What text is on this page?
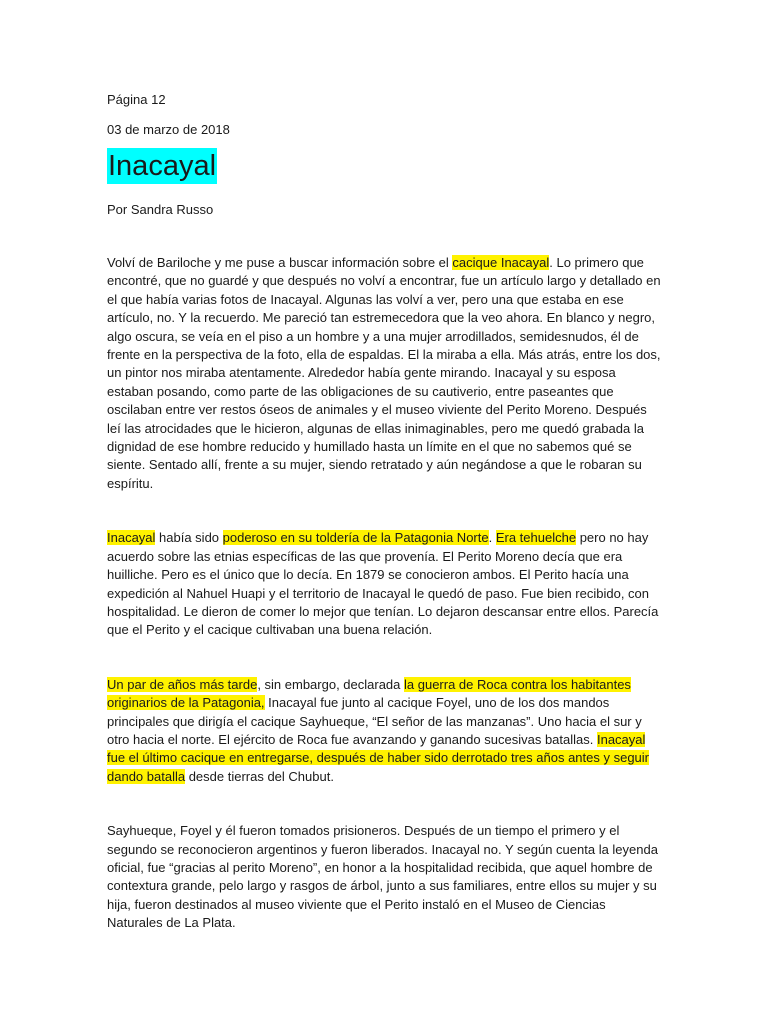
Página 12

03 de marzo de 2018

Inacayal

Por Sandra Russo

Volví de Bariloche y me puse a buscar información sobre el cacique Inacayal. Lo primero que encontré, que no guardé y que después no volví a encontrar, fue un artículo largo y detallado en el que había varias fotos de Inacayal. Algunas las volví a ver, pero una que estaba en ese artículo, no. Y la recuerdo. Me pareció tan estremecedora que la veo ahora. En blanco y negro, algo oscura, se veía en el piso a un hombre y a una mujer arrodillados, semidesnudos, él de frente en la perspectiva de la foto, ella de espaldas. El la miraba a ella. Más atrás, entre los dos, un pintor nos miraba atentamente. Alrededor había gente mirando. Inacayal y su esposa estaban posando, como parte de las obligaciones de su cautiverio, entre paseantes que oscilaban entre ver restos óseos de animales y el museo viviente del Perito Moreno. Después leí las atrocidades que le hicieron, algunas de ellas inimaginables, pero me quedó grabada la dignidad de ese hombre reducido y humillado hasta un límite en el que no sabemos qué se siente. Sentado allí, frente a su mujer, siendo retratado y aún negándose a que le robaran su espíritu.

Inacayal había sido poderoso en su toldería de la Patagonia Norte. Era tehuelche pero no hay acuerdo sobre las etnias específicas de las que provenía. El Perito Moreno decía que era huilliche. Pero es el único que lo decía. En 1879 se conocieron ambos. El Perito hacía una expedición al Nahuel Huapi y el territorio de Inacayal le quedó de paso. Fue bien recibido, con hospitalidad. Le dieron de comer lo mejor que tenían. Lo dejaron descansar entre ellos. Parecía que el Perito y el cacique cultivaban una buena relación.

Un par de años más tarde, sin embargo, declarada la guerra de Roca contra los habitantes originarios de la Patagonia, Inacayal fue junto al cacique Foyel, uno de los dos mandos principales que dirigía el cacique Sayhueque, “El señor de las manzanas”. Uno hacia el sur y otro hacia el norte. El ejército de Roca fue avanzando y ganando sucesivas batallas. Inacayal fue el último cacique en entregarse, después de haber sido derrotado tres años antes y seguir dando batalla desde tierras del Chubut.

Sayhueque, Foyel y él fueron tomados prisioneros. Después de un tiempo el primero y el segundo se reconocieron argentinos y fueron liberados. Inacayal no. Y según cuenta la leyenda oficial, fue “gracias al perito Moreno”, en honor a la hospitalidad recibida, que aquel hombre de contextura grande, pelo largo y rasgos de árbol, junto a sus familiares, entre ellos su mujer y su hija, fueron destinados al museo viviente que el Perito instaló en el Museo de Ciencias Naturales de La Plata.
